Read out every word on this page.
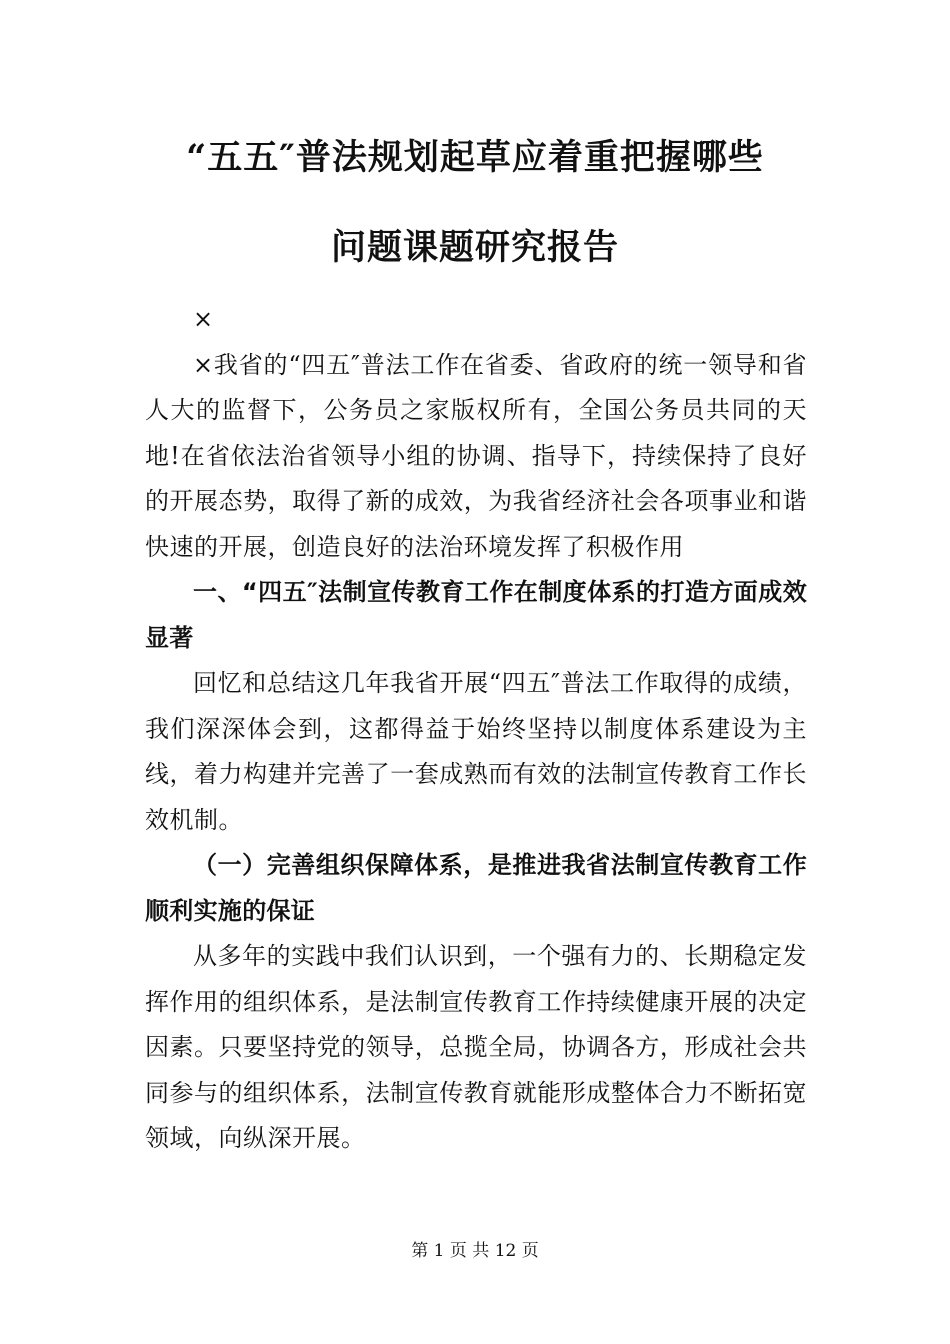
“五五″普法规划起草应着重把握哪些
问题课题研究报告

×

×我省的“四五″普法工作在省委、省政府的统一领导和省人大的监督下，公务员之家版权所有，全国公务员共同的天地!在省依法治省领导小组的协调、指导下，持续保持了良好的开展态势，取得了新的成效，为我省经济社会各项事业和谐快速的开展，创造良好的法治环境发挥了积极作用

一、“四五″法制宣传教育工作在制度体系的打造方面成效显著

回忆和总结这几年我省开展“四五″普法工作取得的成绩，我们深深体会到，这都得益于始终坚持以制度体系建设为主线，着力构建并完善了一套成熟而有效的法制宣传教育工作长效机制。

（一）完善组织保障体系，是推进我省法制宣传教育工作顺利实施的保证

从多年的实践中我们认识到，一个强有力的、长期稳定发挥作用的组织体系，是法制宣传教育工作持续健康开展的决定因素。只要坚持党的领导，总揽全局，协调各方，形成社会共同参与的组织体系，法制宣传教育就能形成整体合力不断拓宽领域，向纵深开展。

第 1 页 共 12 页
